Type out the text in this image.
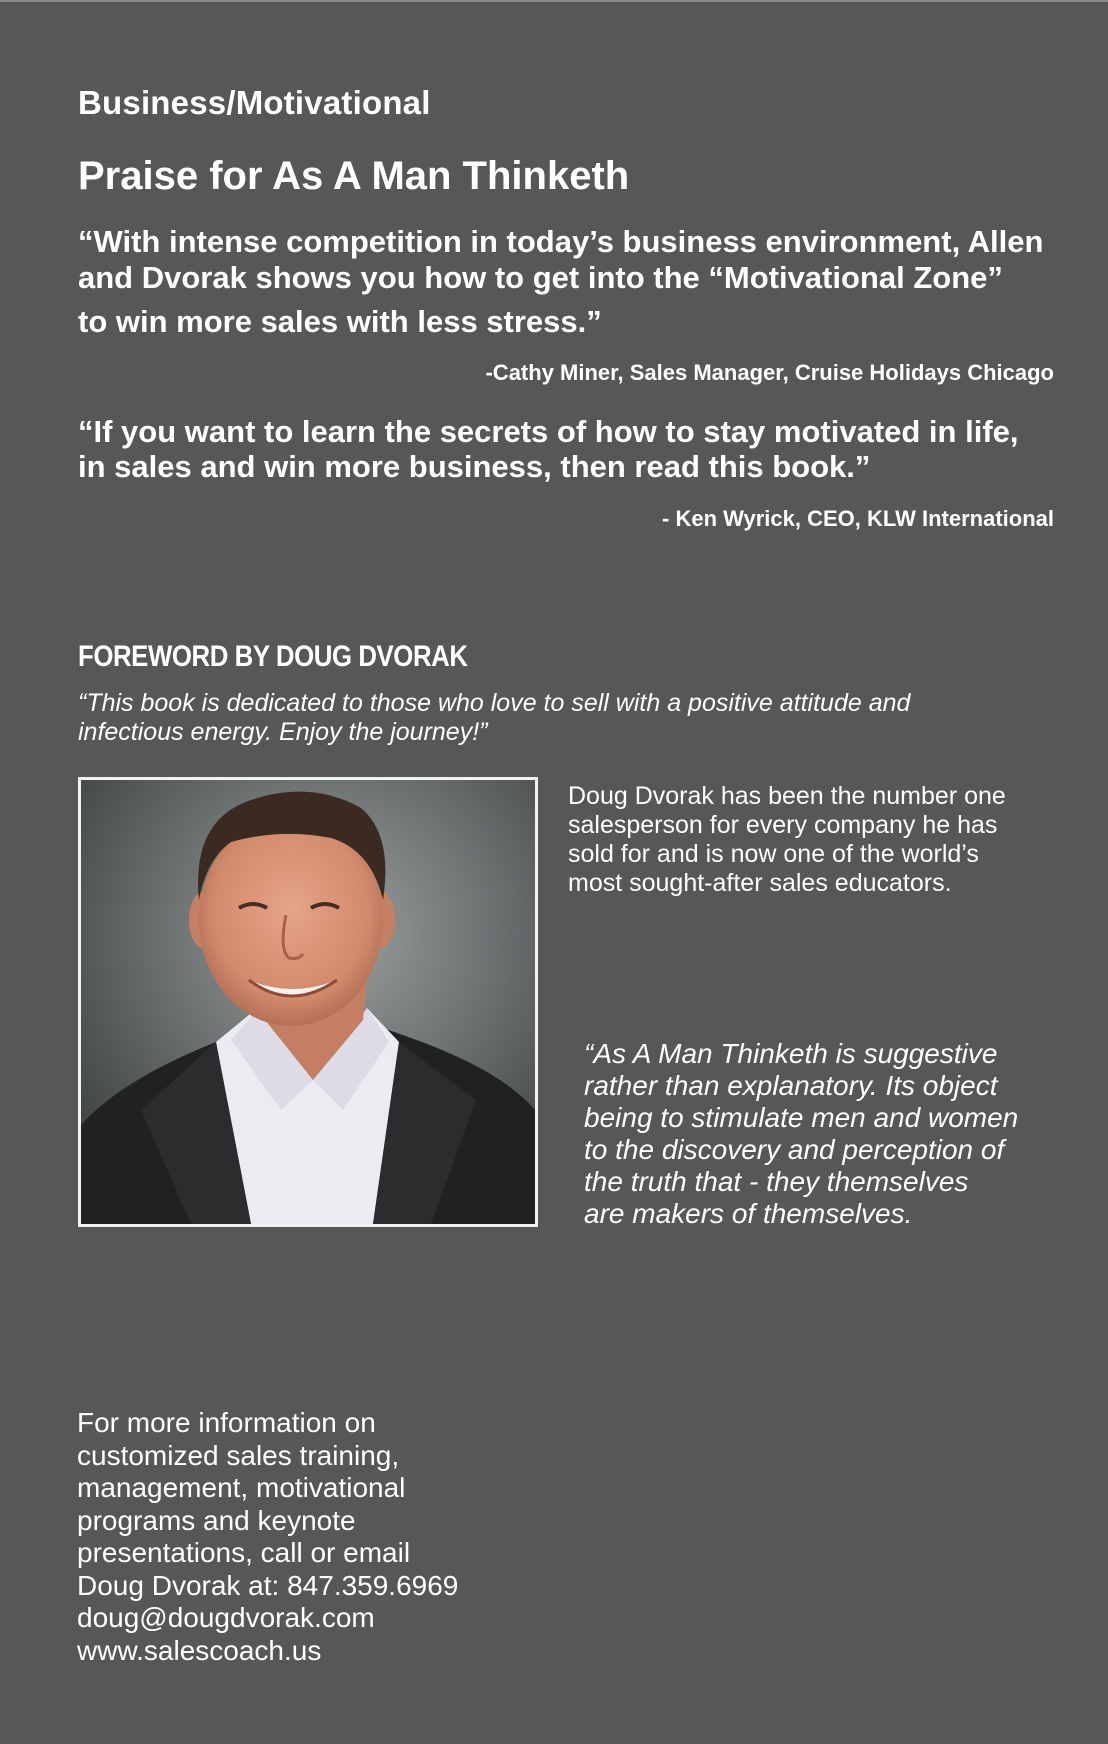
Business/Motivational
Praise for As A Man Thinketh
“With intense competition in today’s business environment, Allen
and Dvorak shows you how to get into the “Motivational Zone”
to win more sales with less stress.”
-Cathy Miner, Sales Manager, Cruise Holidays Chicago
“If you want to learn the secrets of how to stay motivated in life,
in sales and win more business, then read this book.”
- Ken Wyrick, CEO, KLW International
FOREWORD BY DOUG DVORAK
“This book is dedicated to those who love to sell with a positive attitude and
infectious energy. Enjoy the journey!”
Doug Dvorak has been the number one
salesperson for every company he has
sold for and is now one of the world’s
most sought-after sales educators.
“As A Man Thinketh is suggestive
rather than explanatory. Its object
being to stimulate men and women
to the discovery and perception of
the truth that - they themselves
are makers of themselves.
For more information on
customized sales training,
management, motivational
programs and keynote
presentations, call or email
Doug Dvorak at: 847.359.6969
doug@dougdvorak.com
www.salescoach.us
